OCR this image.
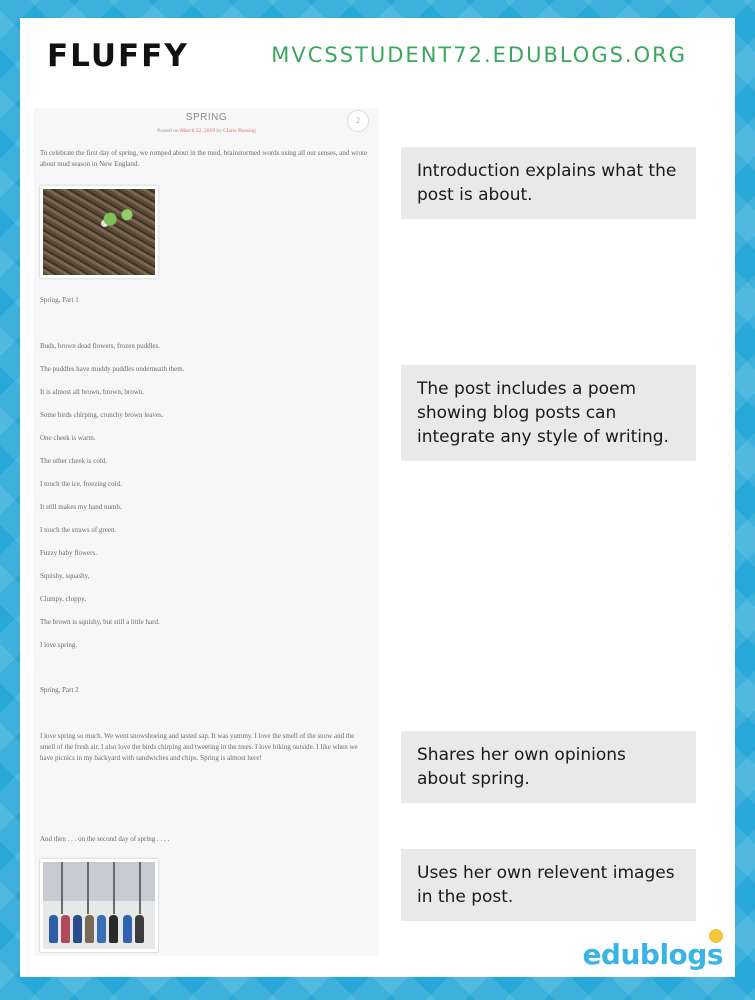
FLUFFY	MVCSSTUDENT72.EDUBLOGS.ORG
SPRING
Posted on March 22, 2019 by Clarie Bossing
2
To celebrate the first day of spring, we romped about in the mud, brainstormed words using all our senses, and wrote about mud season in New England.
Spring, Part 1
Buds, brown dead flowers, frozen puddles.
The puddles have muddy puddles underneath them.
It is almost all brown, brown, brown.
Some birds chirping, crunchy brown leaves.
One cheek is warm.
The other cheek is cold.
I touch the ice, freezing cold.
It still makes my hand numb.
I touch the straws of green.
Fuzzy baby flowers.
Squishy, squashy,
Clumpy, cloppy,
The brown is squishy, but still a little hard.
I love spring.
Spring, Part 2
I love spring so much. We went snowshoeing and tasted sap. It was yummy. I love the smell of the snow and the smell of the fresh air. I also love the birds chirping and tweeting in the trees. I love biking outside. I like when we have picnics in my backyard with sandwiches and chips. Spring is almost here!
And then . . . on the second day of spring . . . .
Introduction explains what the post is about.
The post includes a poem showing blog posts can integrate any style of writing.
Shares her own opinions about spring.
Uses her own relevent images in the post.
edublogs
